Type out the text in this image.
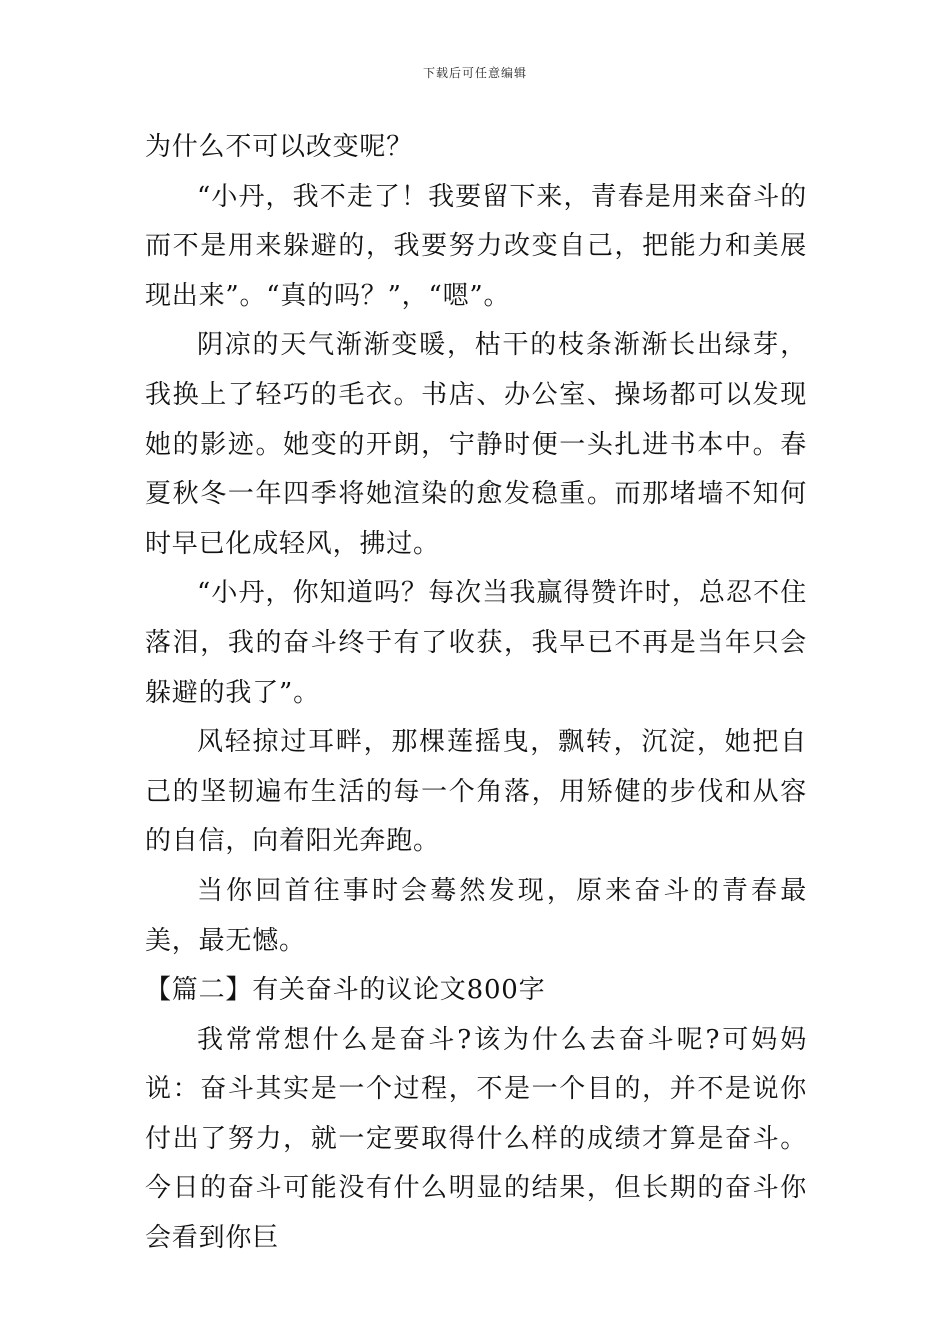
下载后可任意编辑

为什么不可以改变呢？

“小丹，我不走了！我要留下来，青春是用来奋斗的而不是用来躲避的，我要努力改变自己，把能力和美展现出来”。“真的吗？”，“嗯”。

阴凉的天气渐渐变暖，枯干的枝条渐渐长出绿芽，我换上了轻巧的毛衣。书店、办公室、操场都可以发现她的影迹。她变的开朗，宁静时便一头扎进书本中。春夏秋冬一年四季将她渲染的愈发稳重。而那堵墙不知何时早已化成轻风，拂过。

“小丹，你知道吗？每次当我赢得赞许时，总忍不住落泪，我的奋斗终于有了收获，我早已不再是当年只会躲避的我了”。

风轻掠过耳畔，那棵莲摇曳，飘转，沉淀，她把自己的坚韧遍布生活的每一个角落，用矫健的步伐和从容的自信，向着阳光奔跑。

当你回首往事时会蓦然发现，原来奋斗的青春最美，最无憾。

【篇二】有关奋斗的议论文800字

我常常想什么是奋斗?该为什么去奋斗呢?可妈妈说：奋斗其实是一个过程，不是一个目的，并不是说你付出了努力，就一定要取得什么样的成绩才算是奋斗。今日的奋斗可能没有什么明显的结果，但长期的奋斗你会看到你巨
